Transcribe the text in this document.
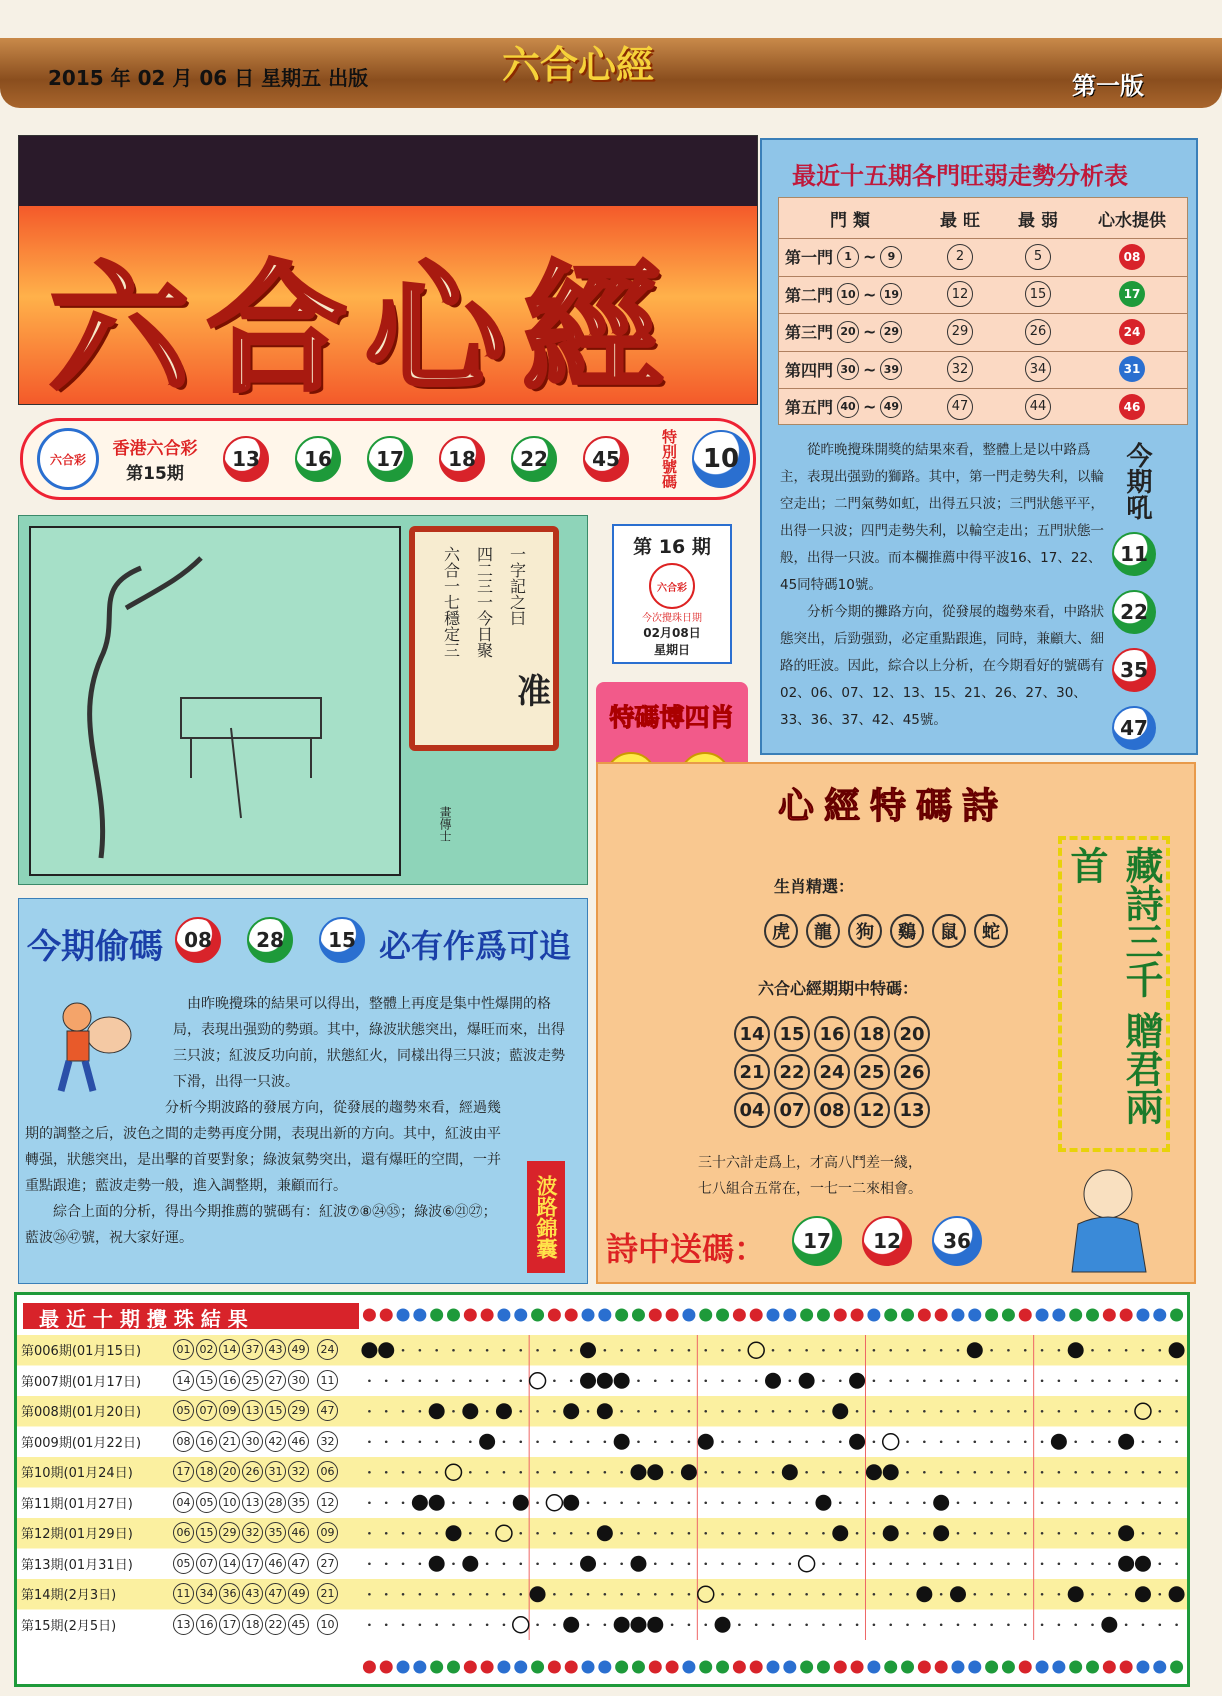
2015 年 02 月 06 日 星期五 出版	六合心經	第一版
六合心經
六合彩
香港六合彩
第15期
13	16	17	18	22	45	特別號碼 10
最近十五期各門旺弱走勢分析表
門 類	最 旺	最 弱	心水提供
第一門	1 ~	9	2	5	08
第二門 10 ~ 19	12	15	17
第三門 20 ~ 29	29	26	24
第四門 30 ~ 39	32	34	31
第五門 40 ~ 49	47	44	46

從昨晚攪珠開獎的結果來看，整體上是以中路爲主，表現出强勁的獅路。其中，第一門走勢失利，以輪空走出；二門氣勢如虹，出得五只波；三門狀態平平，出得一只波；四門走勢失利，以輪空走出；五門狀態一般，出得一只波。而本欄推薦中得平波16、17、22、45同特碼10號。

分析今期的攤路方向，從發展的趨勢來看，中路狀態突出，后勁强勁，必定重點跟進，同時，兼顧大、細路的旺波。因此，綜合以上分析，在今期看好的號碼有02、06、07、12、13、15、21、26、27、30、33、36、37、42、45號。

今期吼
11
22
35
47
一字記之曰
四二三一今日聚
六合一七穩定三
准
畫傳士
第 16 期
六合彩
今次攪珠日期
02月08日
星期日
特碼博四肖
今期偷碼	08	28	15 必有作爲可追

由昨晚攪珠的結果可以得出，整體上再度是集中性爆開的格局，表現出强勁的勢頭。其中，綠波狀態突出，爆旺而來，出得三只波；紅波反功向前，狀態紅火，同樣出得三只波；藍波走勢下滑，出得一只波。

分析今期波路的發展方向，從發展的趨勢來看，經過幾期的調整之后，波色之間的走勢再度分開，表現出新的方向。其中，紅波由平轉强，狀態突出，是出擊的首要對象；綠波氣勢突出，還有爆旺的空間，一并重點跟進；藍波走勢一般，進入調整期，兼顧而行。

綜合上面的分析，得出今期推薦的號碼有：紅波⑦⑧㉔㉟；綠波⑥㉑㉗；藍波㉖㊼號，祝大家好運。	波路錦囊
心經特碼詩
生肖精選：
虎	龍	狗	鷄	鼠	蛇
六合心經期期中特碼：
14 15 16 18 20
21 22 24 25 26
04 07 08 12 13
三十六計走爲上，才高八鬥差一綫，
七八組合五常在，一七一二來相會。
詩中送碼：	17	12	36
藏詩三千 贈君兩首
最 近 十 期 攪 珠 結 果
第006期(01月15日)	01 02 14 37 43 49	24
第007期(01月17日)	14 15 16 25 27 30	11
第008期(01月20日)	05 07 09 13 15 29	47
第009期(01月22日)	08 16 21 30 42 46	32
第10期(01月24日)	17 18 20 26 31 32	06
第11期(01月27日)	04 05 10 13 28 35	12
第12期(01月29日)	06 15 29 32 35 46	09
第13期(01月31日)	05 07 14 17 46 47	27
第14期(2月3日)	11 34 36 43 47 49	21
第15期(2月5日)	13 16 17 18 22 45	10
